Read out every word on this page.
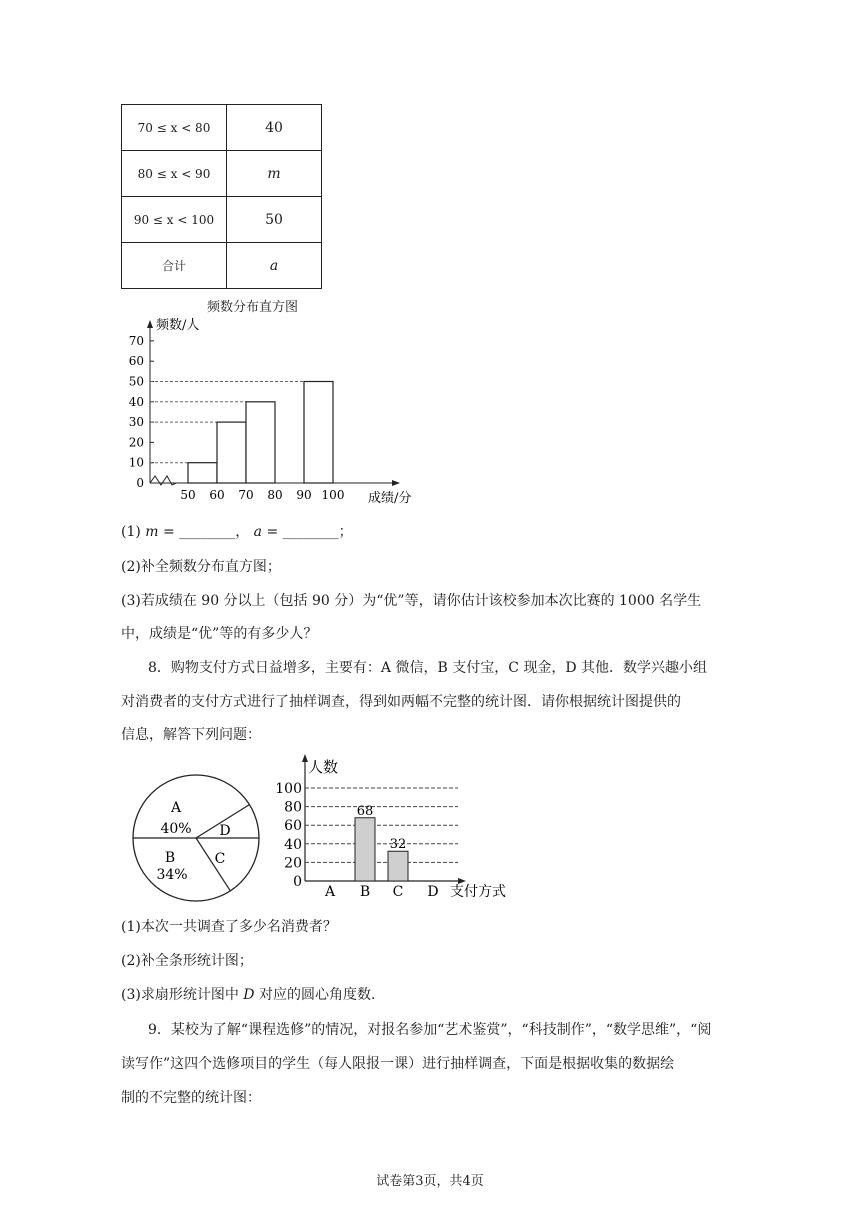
70 ≤ x < 80	40
80 ≤ x < 90	m
90 ≤ x < 100	50
合计	a
频数分布直方图
0
10
20
30
40
50
60
70
50 60 70 80 90 100
频数/人
成绩/分
(1) m = ________， a = ________；
(2)补全频数分布直方图；
(3)若成绩在 90 分以上（包括 90 分）为“优”等，请你估计该校参加本次比赛的 1000 名学生
中，成绩是“优”等的有多少人？
8．购物支付方式日益增多，主要有：A 微信，B 支付宝，C 现金，D 其他．数学兴趣小组
对消费者的支付方式进行了抽样调查，得到如两幅不完整的统计图．请你根据统计图提供的
信息，解答下列问题：
A
40%
B
34%
C
D
0
20
40
60
80
100
A
68
B
32
C D
人数
支付方式
(1)本次一共调查了多少名消费者？
(2)补全条形统计图；
(3)求扇形统计图中 D 对应的圆心角度数．
9．某校为了解“课程选修”的情况，对报名参加“艺术鉴赏”，“科技制作”，“数学思维”，“阅
读写作”这四个选修项目的学生（每人限报一课）进行抽样调查，下面是根据收集的数据绘
制的不完整的统计图：
试卷第3页，共4页
